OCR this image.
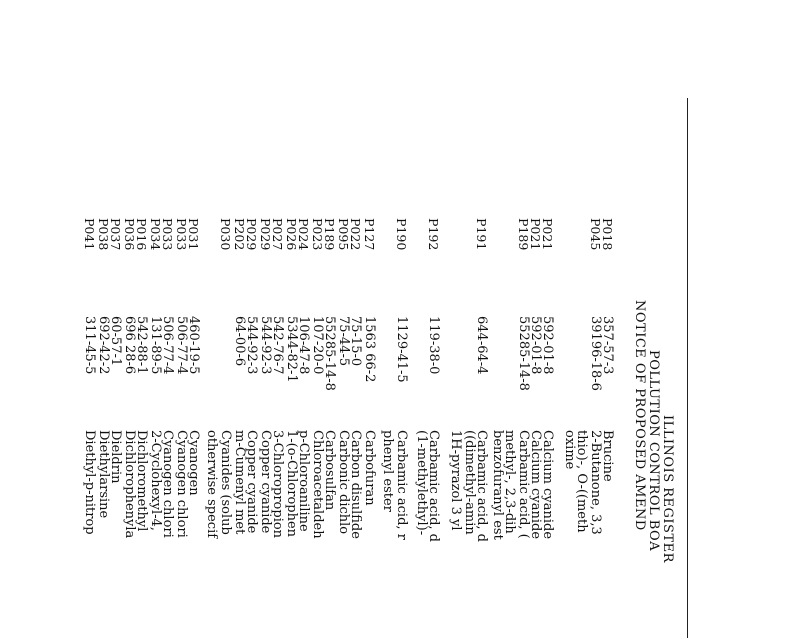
ILLINOIS REGISTER
POLLUTION CONTROL BOA
NOTICE OF PROPOSED AMEND
P018
357-57-3
Brucine
P045
39196-18-6
2-Butanone, 3,3
thio)-, O-((meth
oxime
P021
592-01-8
Calcium cyanide
P021
592-01-8
Calcium cyanide
P189
55285-14-8
Carbamic acid, (
methyl-, 2,3-dih
benzofuranyl est
P191
644-64-4
Carbamic acid, d
((dimethyl-amin
1H-pyrazol 3 yl
P192
119-38-0
Carbamic acid, d
(1-methylethyl)-
P190
1129-41-5
Carbamic acid, r
phenyl ester
P127
1563 66-2
Carbofuran
P022
75-15-0
Carbon disulfide
P095
75-44-5
Carbonic dichlo
P189
55285-14-8
Carbosulfan
P023
107-20-0
Chloroacetaldeh
P024
106-47-8
p-Chloroaniline
P026
5344-82-1
1-(o-Chlorophen
P027
542-76-7
3-Chloropropion
P029
544-92-3
Copper cyanide
P029
544-92-3
Copper cyanide
P202
64-00-6
m-Cumenyl met
P030
Cyanides (solub
otherwise specif
P031
460-19-5
Cyanogen
P033
506-77-4
Cyanogen chlori
P033
506-77-4
Cyanogen chlori
P034
131-89-5
2-Cyclohexyl-4,
P016
542-88-1
Dichloromethyl
P036
696 28-6
Dichlorophenyla
P037
60-57-1
Dieldrin
P038
692-42-2
Diethylarsine
P041
311-45-5
Diethyl-p-nitrop
